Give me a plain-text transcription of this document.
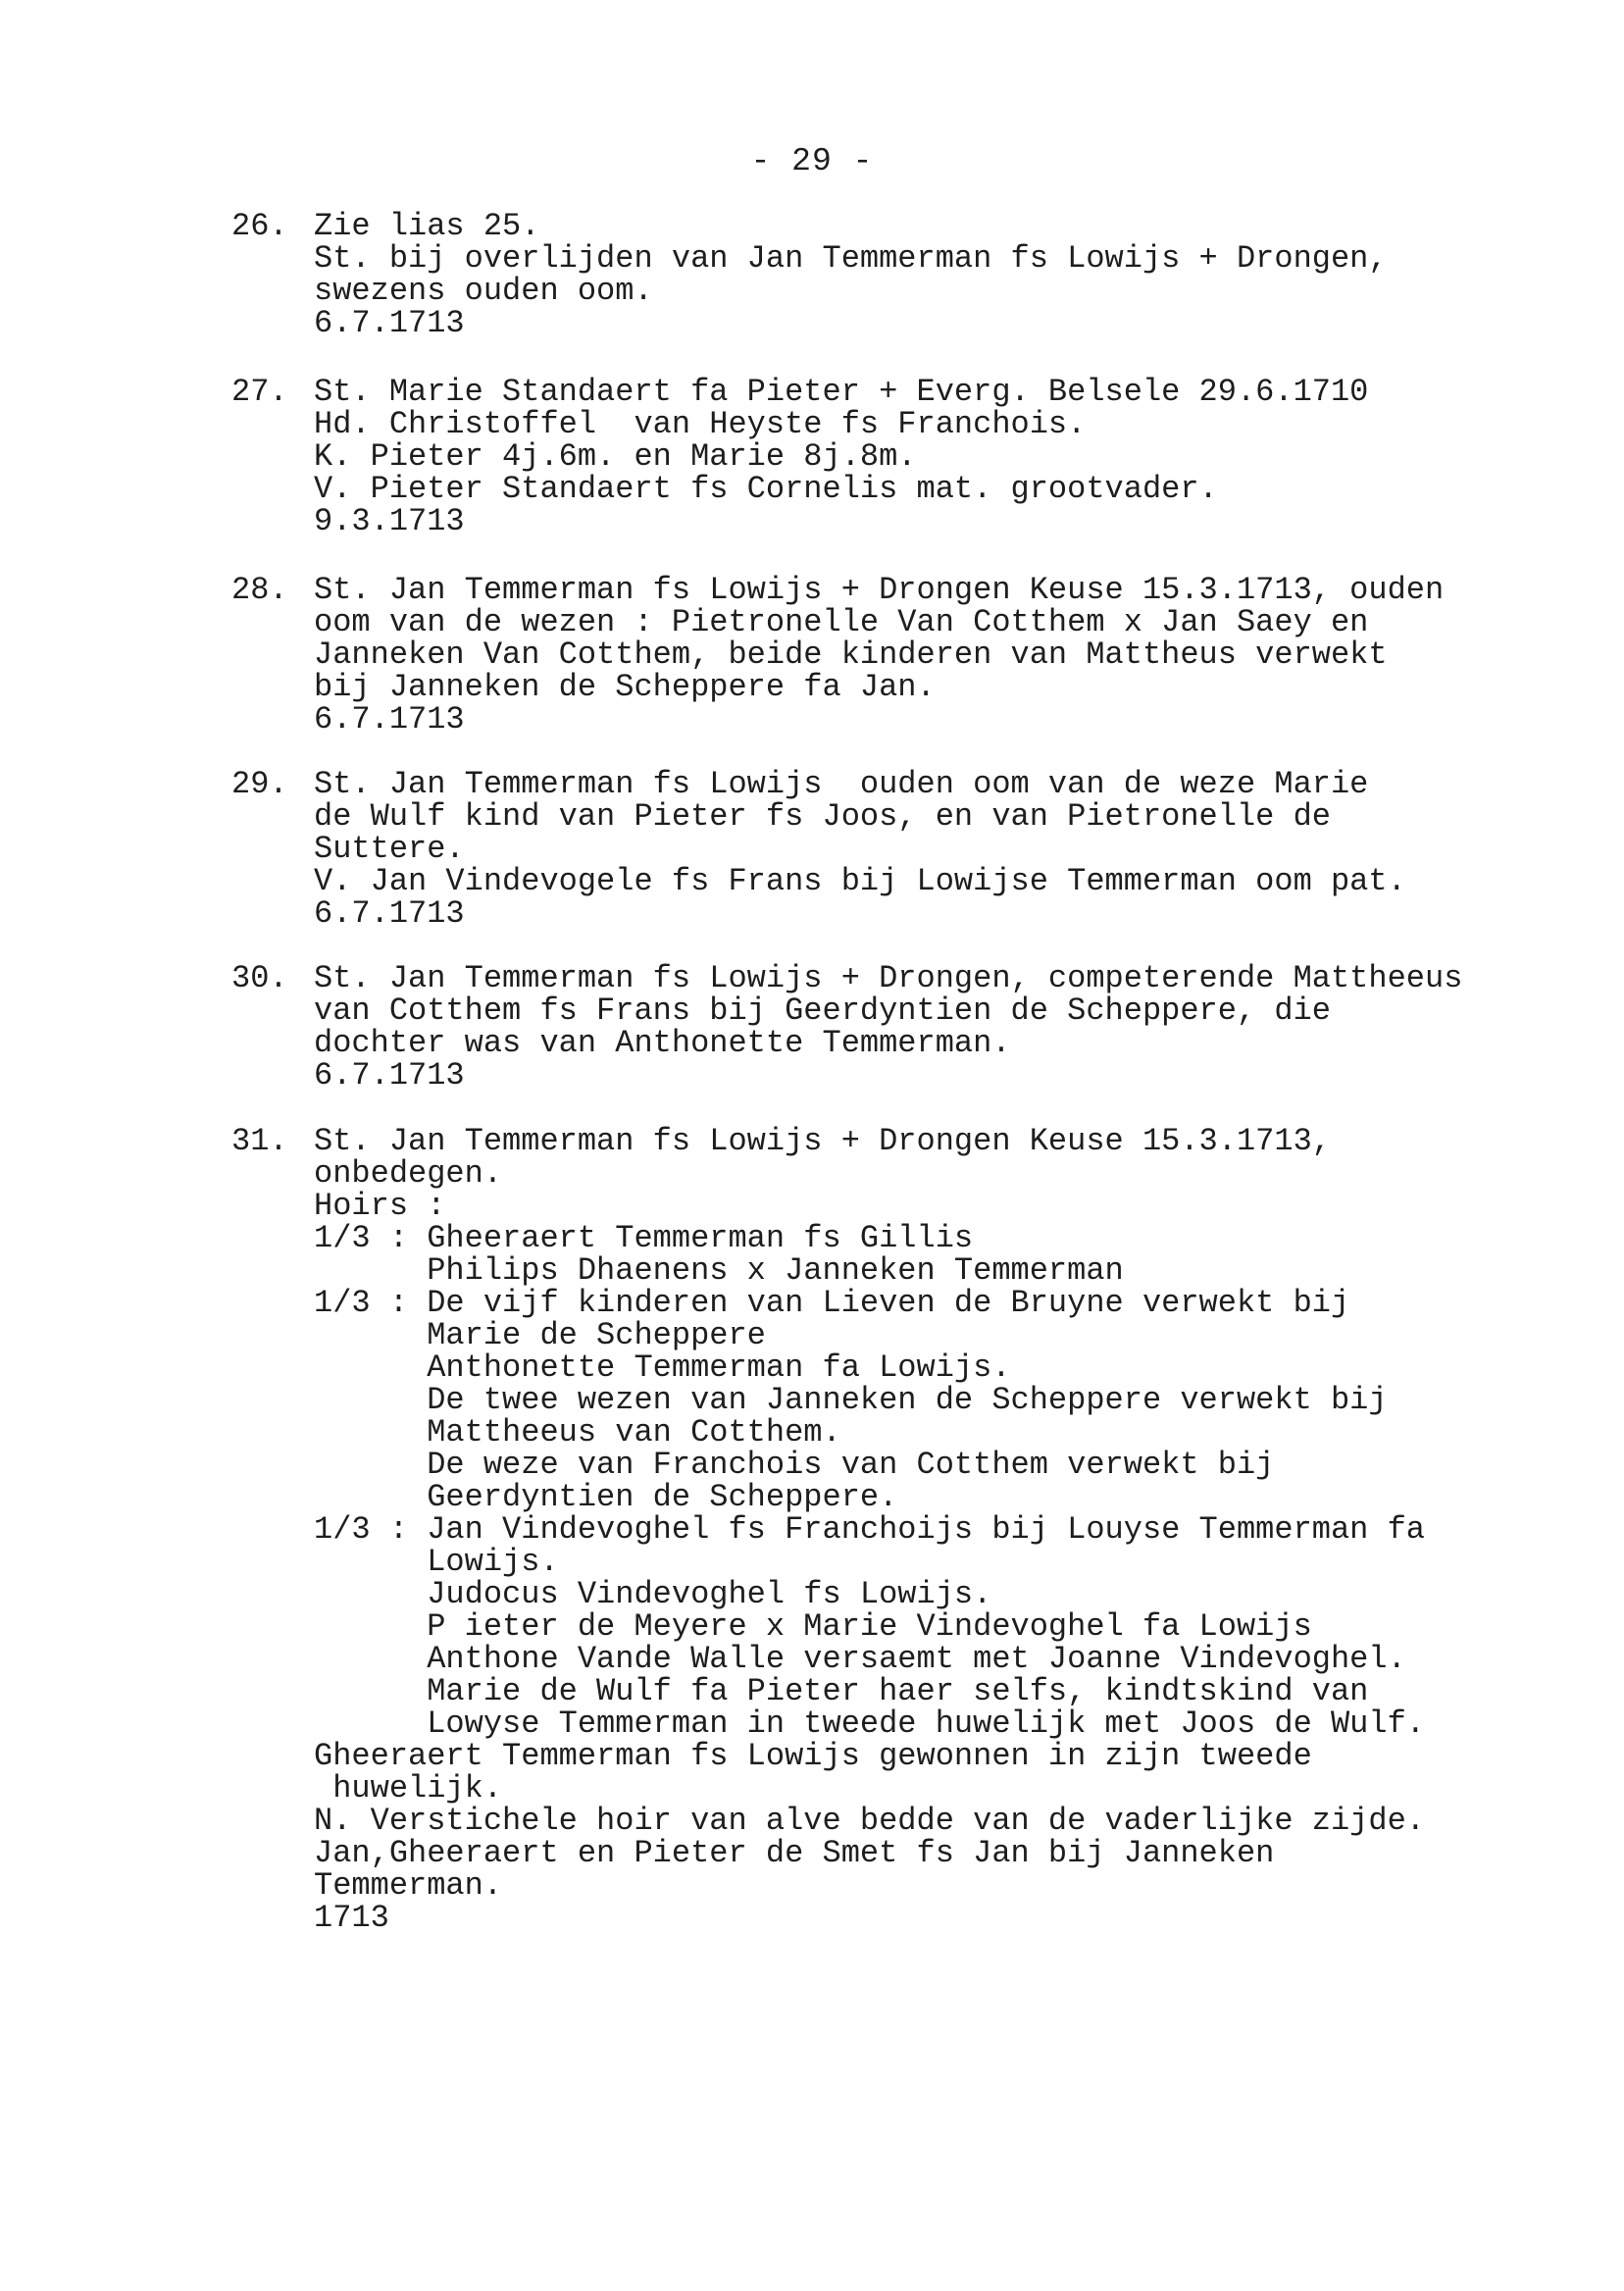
- 29 -
26. Zie lias 25.
St. bij overlijden van Jan Temmerman fs Lowijs + Drongen,
swezens ouden oom.
6.7.1713
27. St. Marie Standaert fa Pieter + Everg. Belsele 29.6.1710
Hd. Christoffel  van Heyste fs Franchois.
K. Pieter 4j.6m. en Marie 8j.8m.
V. Pieter Standaert fs Cornelis mat. grootvader.
9.3.1713
28. St. Jan Temmerman fs Lowijs + Drongen Keuse 15.3.1713, ouden
oom van de wezen : Pietronelle Van Cotthem x Jan Saey en
Janneken Van Cotthem, beide kinderen van Mattheus verwekt
bij Janneken de Scheppere fa Jan.
6.7.1713
29. St. Jan Temmerman fs Lowijs  ouden oom van de weze Marie
de Wulf kind van Pieter fs Joos, en van Pietronelle de
Suttere.
V. Jan Vindevogele fs Frans bij Lowijse Temmerman oom pat.
6.7.1713
30. St. Jan Temmerman fs Lowijs + Drongen, competerende Mattheeus
van Cotthem fs Frans bij Geerdyntien de Scheppere, die
dochter was van Anthonette Temmerman.
6.7.1713
31. St. Jan Temmerman fs Lowijs + Drongen Keuse 15.3.1713,
onbedegen.
Hoirs :
1/3 : Gheeraert Temmerman fs Gillis
Philips Dhaenens x Janneken Temmerman
1/3 : De vijf kinderen van Lieven de Bruyne verwekt bij
Marie de Scheppere
Anthonette Temmerman fa Lowijs.
De twee wezen van Janneken de Scheppere verwekt bij
Mattheeus van Cotthem.
De weze van Franchois van Cotthem verwekt bij
Geerdyntien de Scheppere.
1/3 : Jan Vindevoghel fs Franchoijs bij Louyse Temmerman fa
Lowijs.
Judocus Vindevoghel fs Lowijs.
P ieter de Meyere x Marie Vindevoghel fa Lowijs
Anthone Vande Walle versaemt met Joanne Vindevoghel.
Marie de Wulf fa Pieter haer selfs, kindtskind van
Lowyse Temmerman in tweede huwelijk met Joos de Wulf.
Gheeraert Temmerman fs Lowijs gewonnen in zijn tweede
huwelijk.
N. Verstichele hoir van alve bedde van de vaderlijke zijde.
Jan,Gheeraert en Pieter de Smet fs Jan bij Janneken
Temmerman.
1713
